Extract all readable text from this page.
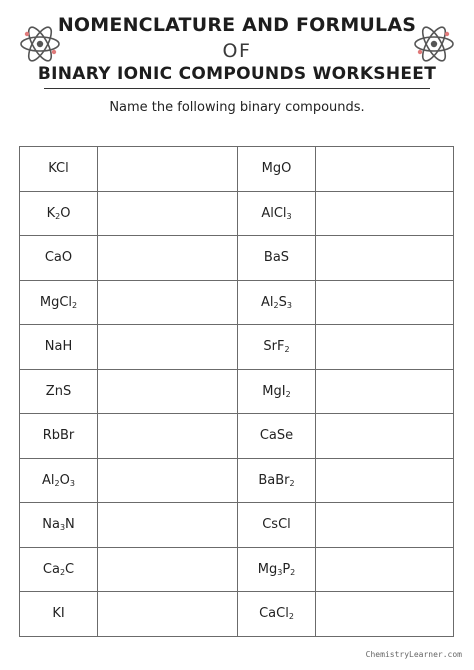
NOMENCLATURE AND FORMULAS
OF
BINARY IONIC COMPOUNDS WORKSHEET
Name the following binary compounds.
KCl		MgO	
$K_2O$		AlCl$_3$	
CaO		BaS	
MgCl$_2$		$Al_2S_3$	
NaH		SrF$_2$	
ZnS		MgI$_2$	
RbBr		CaSe	
$Al_2O_3$		BaBr$_2$	
$Na_3N$		CsCl	
$Ca_2C$		$Mg_3P_2$	
KI		CaCl$_2$	
ChemistryLearner.com
